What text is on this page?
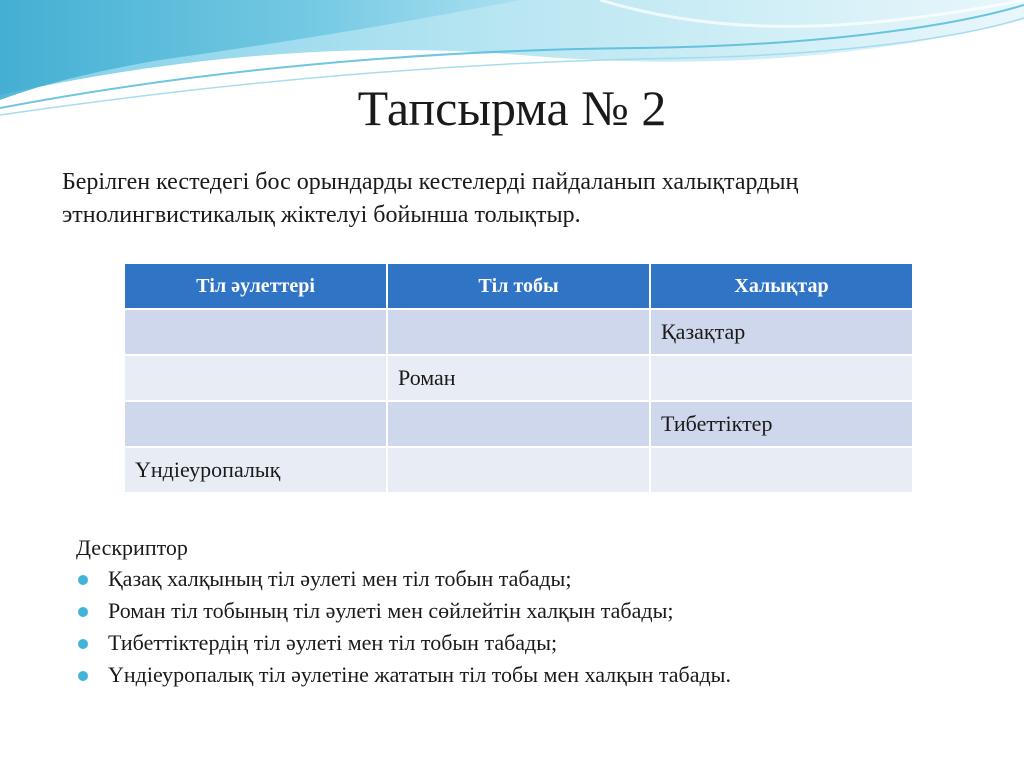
Тапсырма № 2

Берілген кестедегі бос орындарды кестелерді пайдаланып халықтардың этнолингвистикалық жіктелуі бойынша толықтыр.

Тіл әулеттері	Тіл тобы	Халықтар
		Қазақтар
	Роман	
		Тибеттіктер
Үндіеуропалық		
Дескриптор
Қазақ халқының тіл әулеті мен тіл тобын табады;
Роман тіл тобының тіл әулеті мен сөйлейтін халқын табады;
Тибеттіктердің тіл әулеті мен тіл тобын табады;
Үндіеуропалық тіл әулетіне жататын тіл тобы мен халқын табады.
